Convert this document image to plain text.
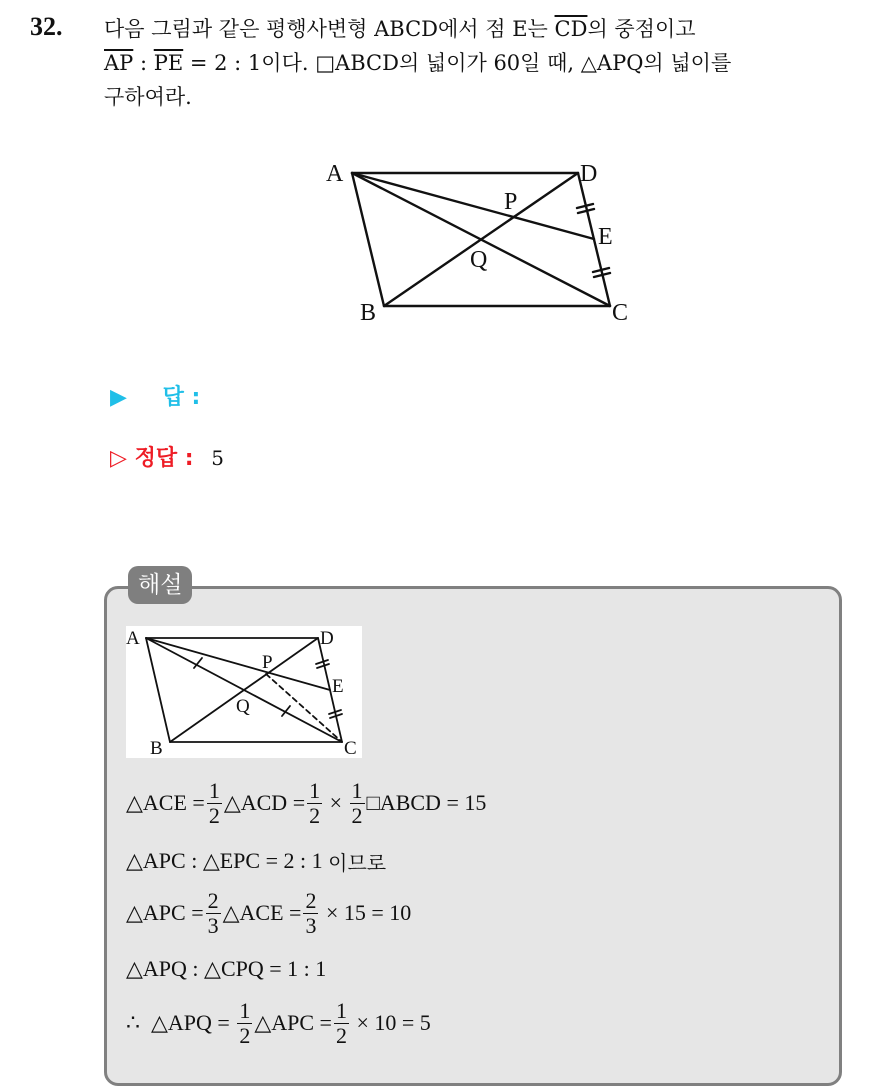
32. 다음 그림과 같은 평행사변형 ABCD에서 점 E는 $\overline{CD}$의 중점이고
$\overline{AP}$ : $\overline{PE} = 2$ : 1이다. □ABCD의 넓이가 60일 때, △APQ의 넓이를
구하여라.
A	D
P
E
Q
B	C
▶ 답 :
▷ 정답 : 5
해설
A	D
P
E
Q
B	C
△ACE = $\frac{1}{2}$ △ACD = $\frac{1}{2} \times \frac{1}{2}$ □ABCD = 15
△APC : △EPC = 2 : 1 이므로
△APC = $\frac{2}{3}$ △ACE = $\frac{2}{3} \times 15 = 10$
△APQ : △CPQ = 1 : 1
∴  △APQ = $\frac{1}{2}$ △APC = $\frac{1}{2} \times 10 = 5$
